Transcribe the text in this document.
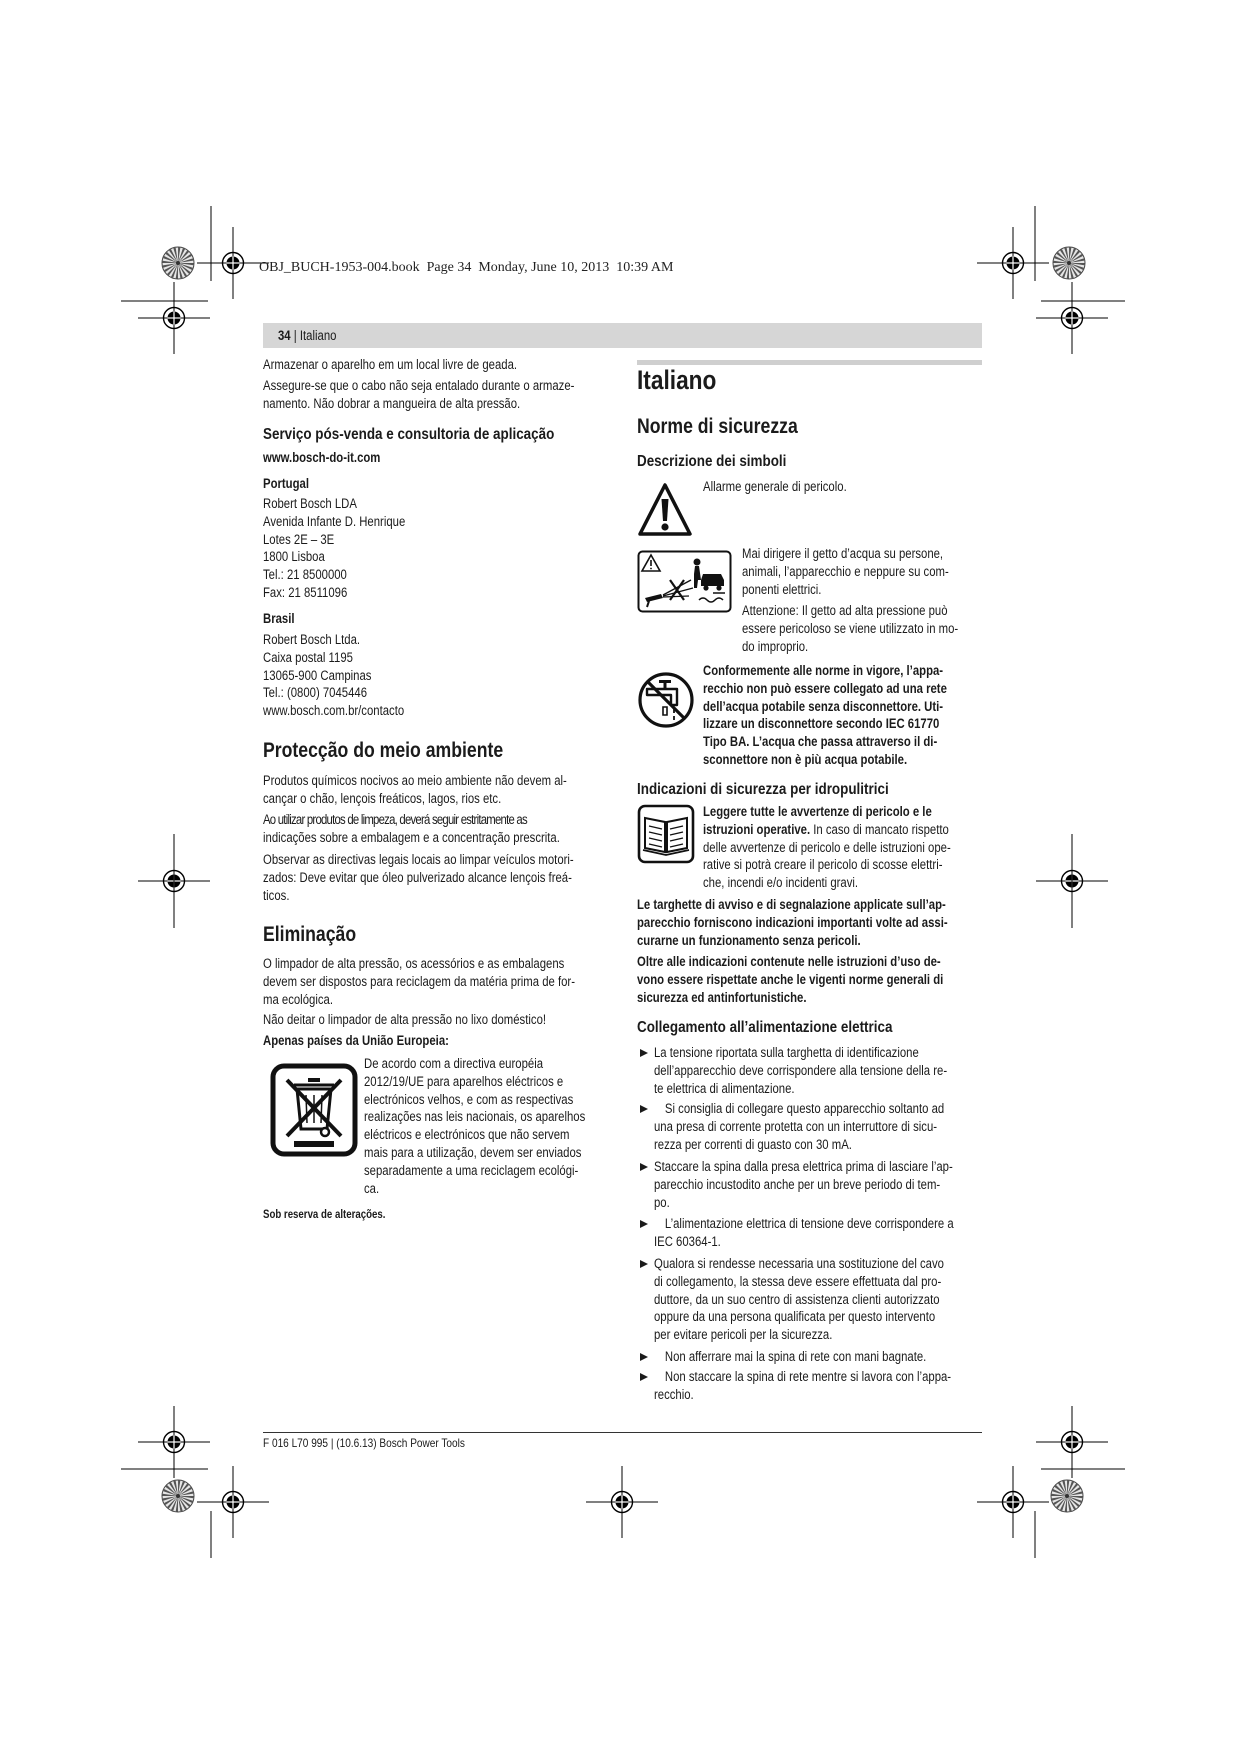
OBJ_BUCH-1953-004.book  Page 34  Monday, June 10, 2013  10:39 AM
34 | Italiano
Armazenar o aparelho em um local livre de geada.
Assegure-se que o cabo não seja entalado durante o armaze-
namento. Não dobrar a mangueira de alta pressão.
Serviço pós-venda e consultoria de aplicação
www.bosch-do-it.com
Portugal
Robert Bosch LDA
Avenida Infante D. Henrique
Lotes 2E – 3E
1800 Lisboa
Tel.: 21 8500000
Fax: 21 8511096
Brasil
Robert Bosch Ltda.
Caixa postal 1195
13065-900 Campinas
Tel.: (0800) 7045446
www.bosch.com.br/contacto
Protecção do meio ambiente
Produtos químicos nocivos ao meio ambiente não devem al-
cançar o chão, lençois freáticos, lagos, rios etc.
Ao utilizar produtos de limpeza, deverá seguir estritamente as
indicações sobre a embalagem e a concentração prescrita.
Observar as directivas legais locais ao limpar veículos motori-
zados: Deve evitar que óleo pulverizado alcance lençois freá-
ticos.
Eliminação
O limpador de alta pressão, os acessórios e as embalagens
devem ser dispostos para reciclagem da matéria prima de for-
ma ecológica.
Não deitar o limpador de alta pressão no lixo doméstico!
Apenas países da União Europeia:
De acordo com a directiva européia
2012/19/UE para aparelhos eléctricos e
electrónicos velhos, e com as respectivas
realizações nas leis nacionais, os aparelhos
eléctricos e electrónicos que não servem
mais para a utilização, devem ser enviados
separadamente a uma reciclagem ecológi-
ca.
Sob reserva de alterações.
Italiano
Norme di sicurezza
Descrizione dei simboli
Allarme generale di pericolo.
Mai dirigere il getto d’acqua su persone,
animali, l’apparecchio e neppure su com-
ponenti elettrici.
Attenzione: Il getto ad alta pressione può
essere pericoloso se viene utilizzato in mo-
do improprio.
Conformemente alle norme in vigore, l’appa-
recchio non può essere collegato ad una rete
dell’acqua potabile senza disconnettore. Uti-
lizzare un disconnettore secondo IEC 61770
Tipo BA. L’acqua che passa attraverso il di-
sconnettore non è più acqua potabile.
Indicazioni di sicurezza per idropulitrici
Leggere tutte le avvertenze di pericolo e le
istruzioni operative. In caso di mancato rispetto
delle avvertenze di pericolo e delle istruzioni ope-
rative si potrà creare il pericolo di scosse elettri-
che, incendi e/o incidenti gravi.
Le targhette di avviso e di segnalazione applicate sull’ap-
parecchio forniscono indicazioni importanti volte ad assi-
curarne un funzionamento senza pericoli.
Oltre alle indicazioni contenute nelle istruzioni d’uso de-
vono essere rispettate anche le vigenti norme generali di
sicurezza ed antinfortunistiche.
Collegamento all’alimentazione elettrica
La tensione riportata sulla targhetta di identificazione
dell’apparecchio deve corrispondere alla tensione della re-
te elettrica di alimentazione.
Si consiglia di collegare questo apparecchio soltanto ad
una presa di corrente protetta con un interruttore di sicu-
rezza per correnti di guasto con 30 mA.
Staccare la spina dalla presa elettrica prima di lasciare l’ap-
parecchio incustodito anche per un breve periodo di tem-
po.
L’alimentazione elettrica di tensione deve corrispondere a
IEC 60364-1.
Qualora si rendesse necessaria una sostituzione del cavo
di collegamento, la stessa deve essere effettuata dal pro-
duttore, da un suo centro di assistenza clienti autorizzato
oppure da una persona qualificata per questo intervento
per evitare pericoli per la sicurezza.
Non afferrare mai la spina di rete con mani bagnate.
Non staccare la spina di rete mentre si lavora con l’appa-
recchio.
F 016 L70 995 | (10.6.13) Bosch Power Tools
